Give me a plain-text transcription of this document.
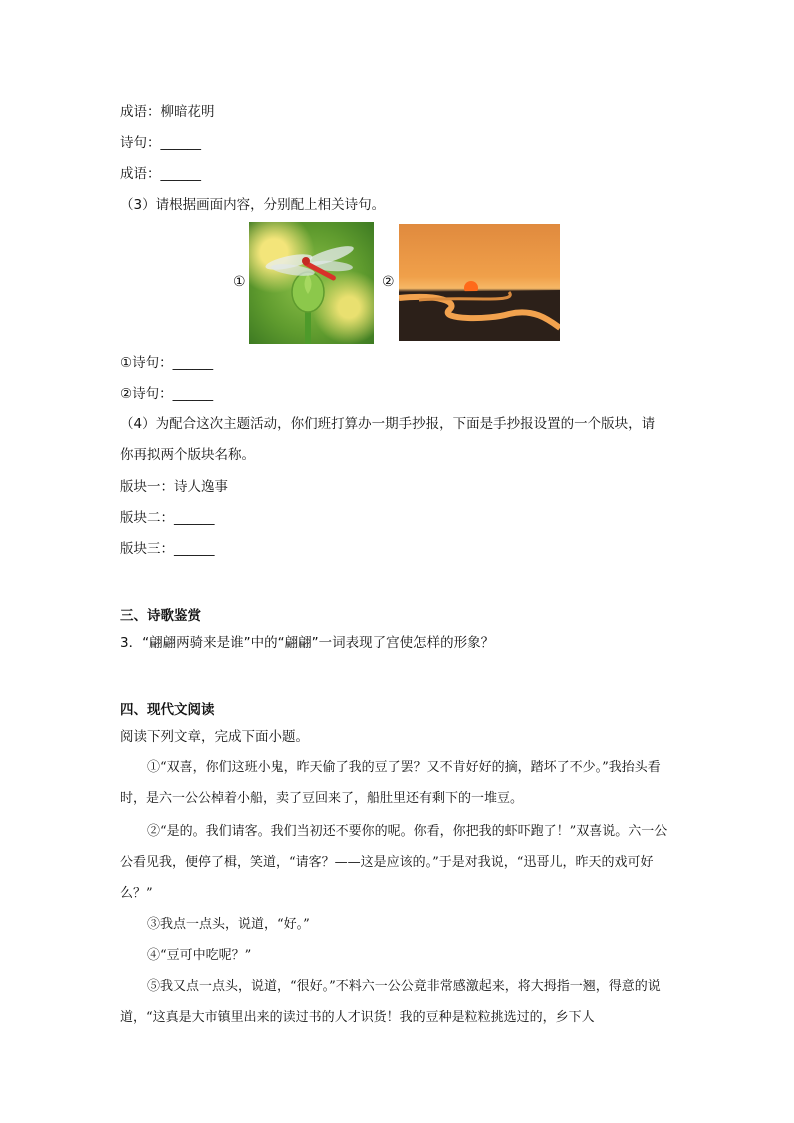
成语：柳暗花明
诗句：______
成语：______
（3）请根据画面内容，分别配上相关诗句。
①	②
①诗句：______
②诗句：______
（4）为配合这次主题活动，你们班打算办一期手抄报，下面是手抄报设置的一个版块，请
你再拟两个版块名称。
版块一：诗人逸事
版块二：______
版块三：______
三、诗歌鉴赏
3．“翩翩两骑来是谁”中的“翩翩”一词表现了宫使怎样的形象？
四、现代文阅读
阅读下列文章，完成下面小题。

①“双喜，你们这班小鬼，昨天偷了我的豆了罢？又不肯好好的摘，踏坏了不少。”我抬头看时，是六一公公棹着小船，卖了豆回来了，船肚里还有剩下的一堆豆。

②“是的。我们请客。我们当初还不要你的呢。你看，你把我的虾吓跑了！”双喜说。六一公公看见我，便停了楫，笑道，“请客？——这是应该的。”于是对我说，“迅哥儿，昨天的戏可好么？”

③我点一点头，说道，“好。”

④“豆可中吃呢？”

⑤我又点一点头，说道，“很好。”不料六一公公竟非常感激起来，将大拇指一翘，得意的说道，“这真是大市镇里出来的读过书的人才识货！我的豆种是粒粒挑选过的，乡下人
